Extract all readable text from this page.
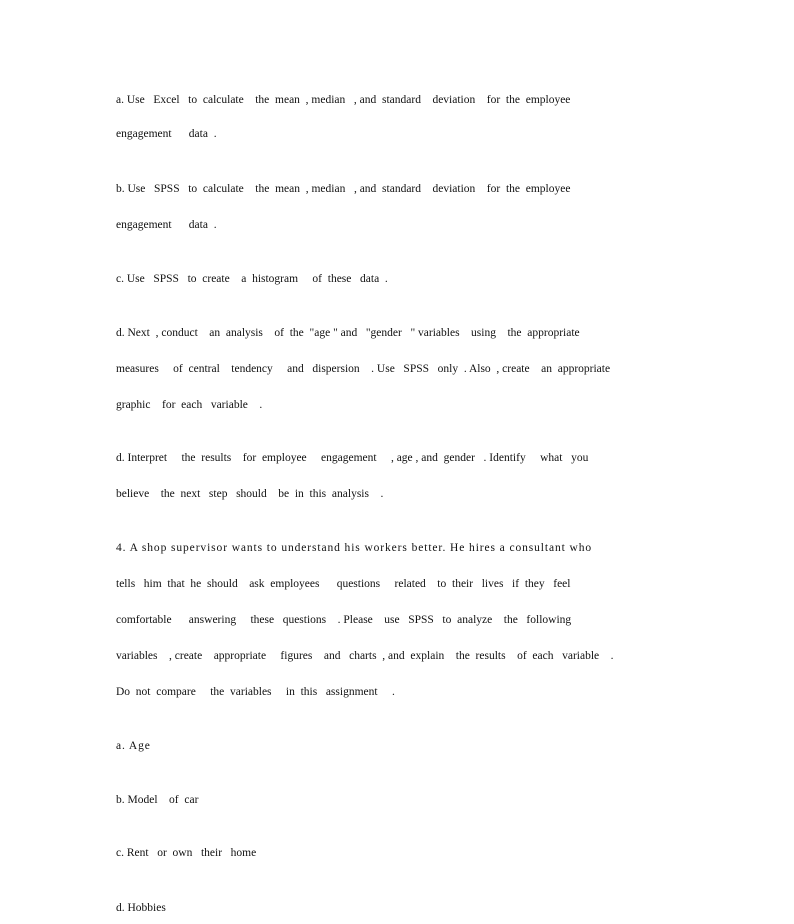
a. Use   Excel   to  calculate    the  mean  , median   , and  standard    deviation    for  the  employee

engagement      data  .

b. Use   SPSS   to  calculate    the  mean  , median   , and  standard    deviation    for  the  employee

engagement      data  .

c. Use   SPSS   to  create    a  histogram     of  these   data  .

d. Next  , conduct    an  analysis    of  the  "age " and   "gender   " variables    using    the  appropriate

measures     of  central    tendency     and   dispersion    . Use   SPSS   only  . Also  , create    an  appropriate

graphic    for  each   variable    .

d. Interpret     the  results    for  employee     engagement     , age , and  gender   . Identify     what   you

believe    the  next   step   should    be  in  this  analysis    .

4. A shop supervisor wants to understand his workers better. He hires a consultant who

tells   him  that  he  should    ask  employees      questions     related    to  their   lives   if  they   feel

comfortable      answering     these   questions    . Please    use   SPSS   to  analyze    the   following

variables    , create    appropriate     figures    and   charts  , and  explain    the  results    of  each   variable    .

Do  not  compare     the  variables     in  this   assignment     .

a. Age

b. Model    of  car

c. Rent   or  own   their   home

d. Hobbies
